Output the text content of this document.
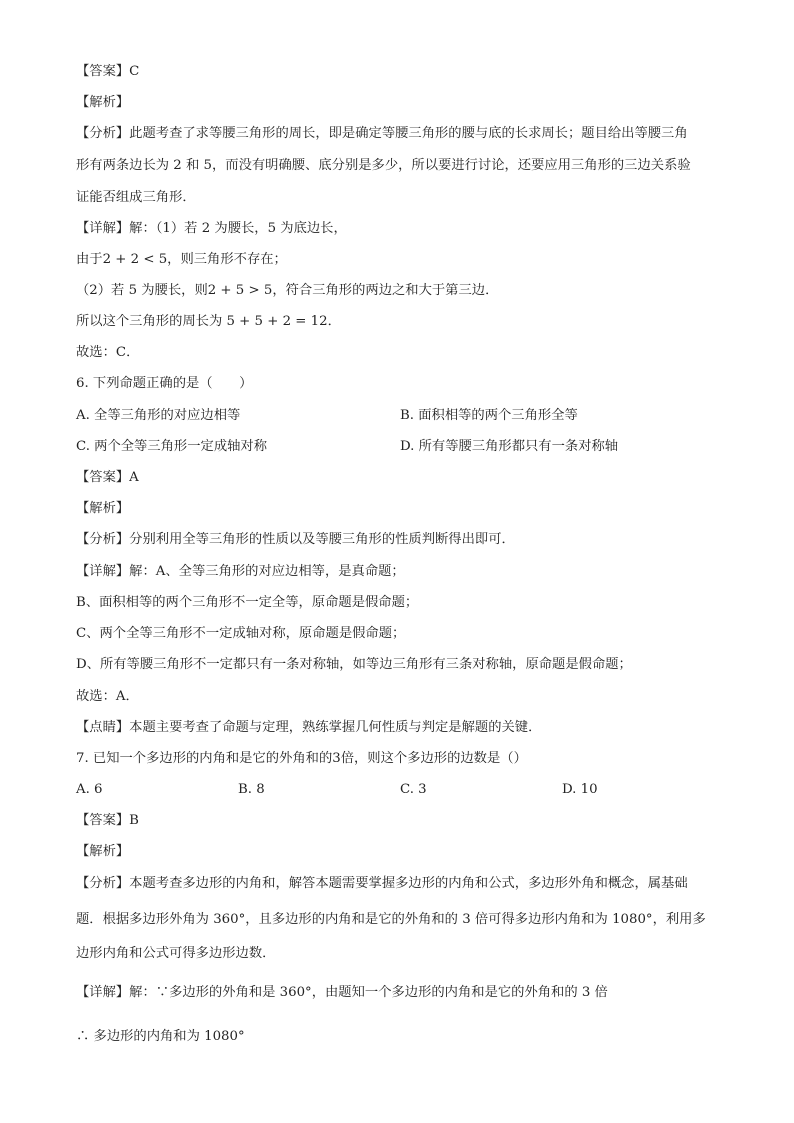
【答案】C
【解析】
【分析】此题考查了求等腰三角形的周长，即是确定等腰三角形的腰与底的长求周长；题目给出等腰三角
形有两条边长为 2 和 5，而没有明确腰、底分别是多少，所以要进行讨论，还要应用三角形的三边关系验
证能否组成三角形．
【详解】解：（1）若 2 为腰长，5 为底边长，
由于2 + 2 < 5，则三角形不存在；
（2）若 5 为腰长，则2 + 5 > 5，符合三角形的两边之和大于第三边．
所以这个三角形的周长为 5 + 5 + 2 = 12．
故选：C．
6. 下列命题正确的是（　　）
A. 全等三角形的对应边相等	B. 面积相等的两个三角形全等
C. 两个全等三角形一定成轴对称	D. 所有等腰三角形都只有一条对称轴
【答案】A
【解析】
【分析】分别利用全等三角形的性质以及等腰三角形的性质判断得出即可．
【详解】解：A、全等三角形的对应边相等，是真命题；
B、面积相等的两个三角形不一定全等，原命题是假命题；
C、两个全等三角形不一定成轴对称，原命题是假命题；
D、所有等腰三角形不一定都只有一条对称轴，如等边三角形有三条对称轴，原命题是假命题；
故选：A．
【点睛】本题主要考查了命题与定理，熟练掌握几何性质与判定是解题的关键．
7. 已知一个多边形的内角和是它的外角和的3倍，则这个多边形的边数是（）
A. 6	B. 8	C. 3	D. 10
【答案】B
【解析】
【分析】本题考查多边形的内角和，解答本题需要掌握多边形的内角和公式，多边形外角和概念，属基础
题．根据多边形外角为 360°，且多边形的内角和是它的外角和的 3 倍可得多边形内角和为 1080°，利用多
边形内角和公式可得多边形边数．
【详解】解：∵多边形的外角和是 360°，由题知一个多边形的内角和是它的外角和的 3 倍
∴ 多边形的内角和为 1080°
